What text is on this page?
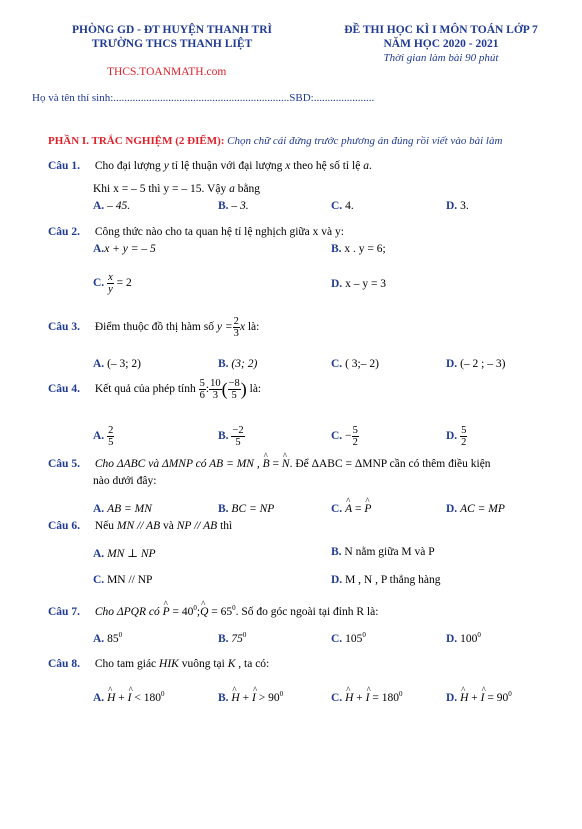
PHÒNG GD - ĐT HUYỆN THANH TRÌ
TRƯỜNG THCS THANH LIỆT
ĐỀ THI HỌC KÌ I MÔN TOÁN LỚP 7
NĂM HỌC 2020 - 2021
Thời gian làm bài 90 phút
THCS.TOANMATH.com
Họ và tên thí sinh:................................................................SBD:......................
PHẦN I. TRẮC NGHIỆM (2 ĐIỂM): Chọn chữ cái đứng trước phương án đúng rồi viết vào bài làm
Câu 1. Cho đại lượng y tỉ lệ thuận với đại lượng x theo hệ số tỉ lệ a.
Khi x = – 5 thì y = – 15. Vậy a bằng
A. – 45.	B. – 3.	C. 4.	D. 3.
Câu 2. Công thức nào cho ta quan hệ tỉ lệ nghịch giữa x và y:
A.x + y = – 5	B. x . y = 6;
C. $\frac{x}{y} = 2$	D. x – y = 3
Câu 3. Điểm thuộc đồ thị hàm số $y = \frac{2}{3}$ x là:
A. (– 3; 2)	B. (3; 2)	C. ( 3;– 2)	D. (– 2 ; – 3)
Câu 4. Kết quả của phép tính $\frac{5}{6}$ : $\frac{10}{3}$ ( $\frac{-8}{5}$ ) là:
A. $\frac{2}{5}$	B. $\frac{-2}{5}$	C. − $\frac{5}{2}$	D. $\frac{5}{2}$
Câu 5. Cho ΔABC và ΔMNP có AB = MN , ^ B = ^ N. Để ΔABC = ΔMNP cần có thêm điều kiện
nào dưới đây:
A. AB = MN	B. BC = NP	C. ^ A = ^ P	D. AC = MP
Câu 6. Nếu MN // AB và NP // AB thì
A. MN ⊥ NP	B. N nằm giữa M và P
C. MN // NP	D. M , N , P thẳng hàng
Câu 7. Cho ΔPQR có ^ $P = 40^0;\^{}$ $Q = 65^0$. Số đo góc ngoài tại đỉnh R là:
A. $85^0$	B. $75^0$	C. $105^0$	D. $100^0$
Câu 8. Cho tam giác HIK vuông tại K , ta có:
A. ^ H + ^ $I < 180^0$	B. ^ H + ^ $I > 90^0$	C. ^ H + ^ $I = 180^0$	D. ^ H + ^ $I = 90^0$
